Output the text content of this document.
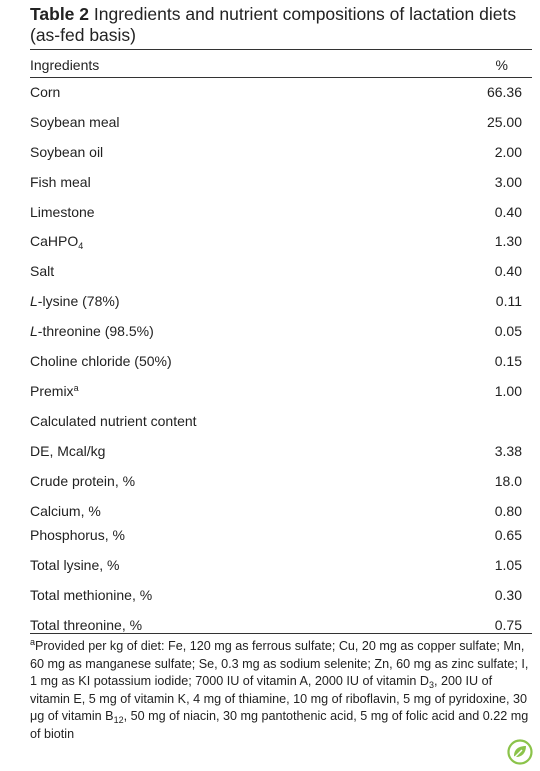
Table 2 Ingredients and nutrient compositions of lactation diets (as-fed basis)
Ingredients	%
Corn	66.36
Soybean meal	25.00
Soybean oil	2.00
Fish meal	3.00
Limestone	0.40
CaHPO$_4$	1.30
Salt	0.40
L-lysine (78%)	0.11
L-threonine (98.5%)	0.05
Choline chloride (50%)	0.15
Premix$^a$	1.00
Calculated nutrient content
DE, Mcal/kg	3.38
Crude protein, %	18.0
Calcium, %	0.80
Phosphorus, %	0.65
Total lysine, %	1.05
Total methionine, %	0.30
Total threonine, %	0.75
$^a$Provided per kg of diet: Fe, 120 mg as ferrous sulfate; Cu, 20 mg as copper sulfate; Mn, 60 mg as manganese sulfate; Se, 0.3 mg as sodium selenite; Zn, 60 mg as zinc sulfate; I, 1 mg as KI potassium iodide; 7000 IU of vitamin A, 2000 IU of vitamin $D_3$, 200 IU of vitamin E, 5 mg of vitamin K, 4 mg of thiamine, 10 mg of riboflavin, 5 mg of pyridoxine, 30 μg of vitamin $B_{12}$, 50 mg of niacin, 30 mg pantothenic acid, 5 mg of folic acid and 0.22 mg of biotin
